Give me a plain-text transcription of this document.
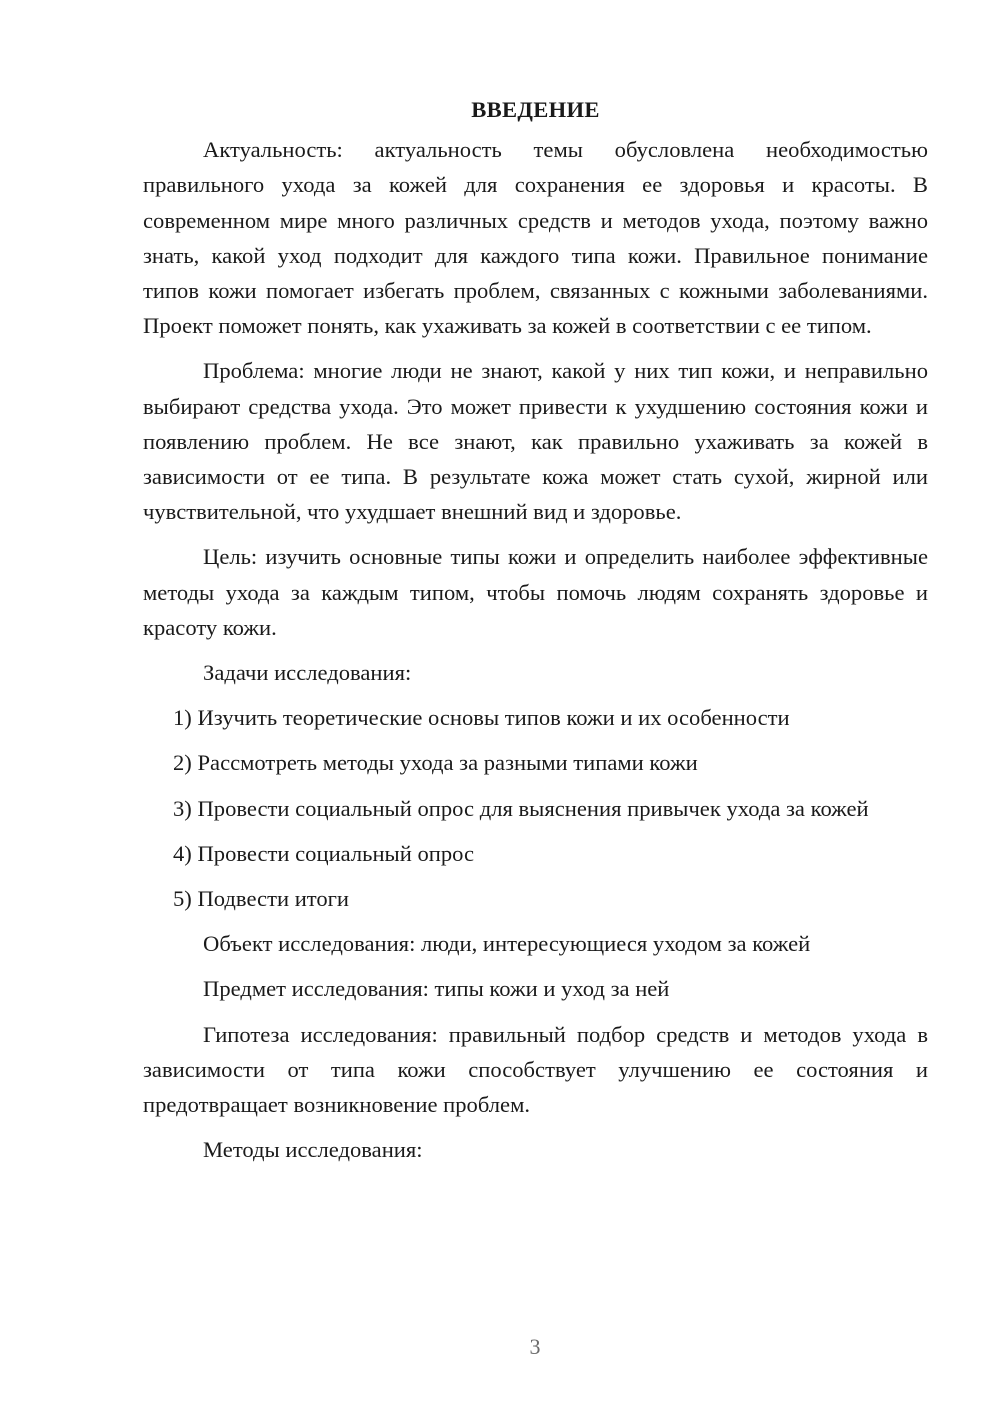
ВВЕДЕНИЕ

Актуальность: актуальность темы обусловлена необходимостью правильного ухода за кожей для сохранения ее здоровья и красоты. В современном мире много различных средств и методов ухода, поэтому важно знать, какой уход подходит для каждого типа кожи. Правильное понимание типов кожи помогает избегать проблем, связанных с кожными заболеваниями. Проект поможет понять, как ухаживать за кожей в соответствии с ее типом.

Проблема: многие люди не знают, какой у них тип кожи, и неправильно выбирают средства ухода. Это может привести к ухудшению состояния кожи и появлению проблем. Не все знают, как правильно ухаживать за кожей в зависимости от ее типа. В результате кожа может стать сухой, жирной или чувствительной, что ухудшает внешний вид и здоровье.

Цель: изучить основные типы кожи и определить наиболее эффективные методы ухода за каждым типом, чтобы помочь людям сохранять здоровье и красоту кожи.

Задачи исследования:

1) Изучить теоретические основы типов кожи и их особенности

2) Рассмотреть методы ухода за разными типами кожи

3) Провести социальный опрос для выяснения привычек ухода за кожей

4) Провести социальный опрос

5) Подвести итоги

Объект исследования: люди, интересующиеся уходом за кожей

Предмет исследования: типы кожи и уход за ней

Гипотеза исследования: правильный подбор средств и методов ухода в зависимости от типа кожи способствует улучшению ее состояния и предотвращает возникновение проблем.

Методы исследования:

3
